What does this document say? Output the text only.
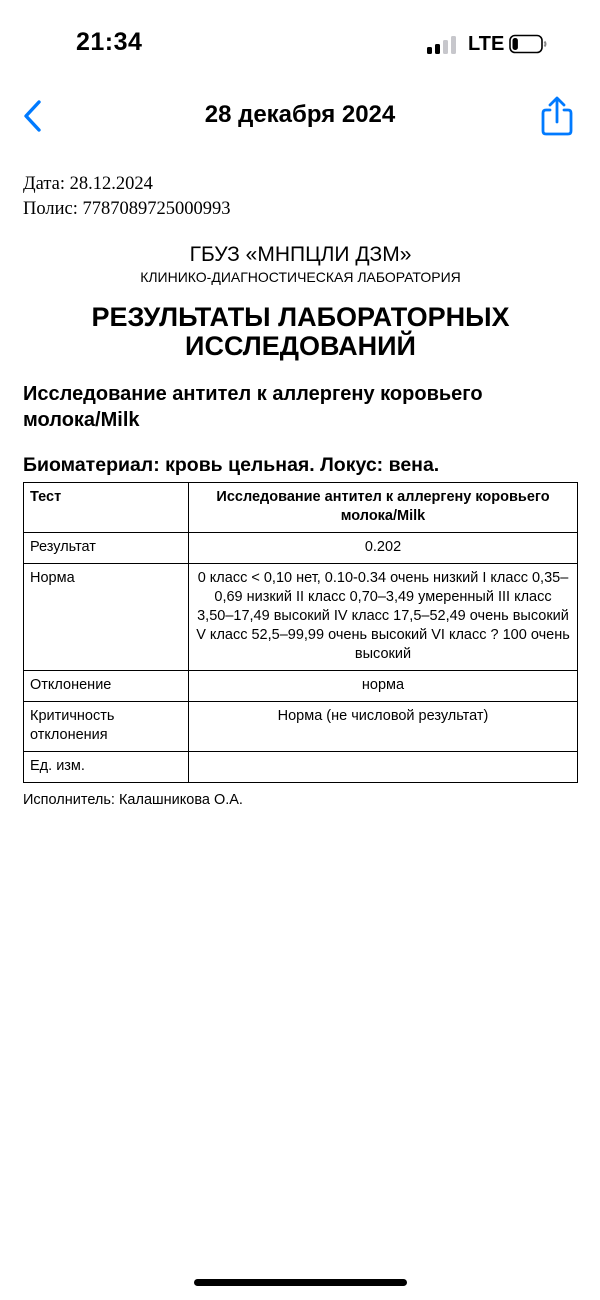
21:34	LTE
28 декабря 2024
Дата: 28.12.2024
Полис: 7787089725000993
ГБУЗ «МНПЦЛИ ДЗМ»
КЛИНИКО-ДИАГНОСТИЧЕСКАЯ ЛАБОРАТОРИЯ
РЕЗУЛЬТАТЫ ЛАБОРАТОРНЫХ ИССЛЕДОВАНИЙ
Исследование антител к аллергену коровьего молока/Milk
Биоматериал: кровь цельная. Локус: вена.
Тест	Исследование антител к аллергену коровьего молока/Milk
Результат	0.202
Норма	0 класс < 0,10 нет, 0.10-0.34 очень низкий I класс 0,35–0,69 низкий II класс 0,70–3,49 умеренный III класс 3,50–17,49 высокий IV класс 17,5–52,49 очень высокий V класс 52,5–99,99 очень высокий VI класс ? 100 очень высокий
Отклонение	норма
Критичность отклонения	Норма (не числовой результат)
Ед. изм.	
Исполнитель: Калашникова О.А.
